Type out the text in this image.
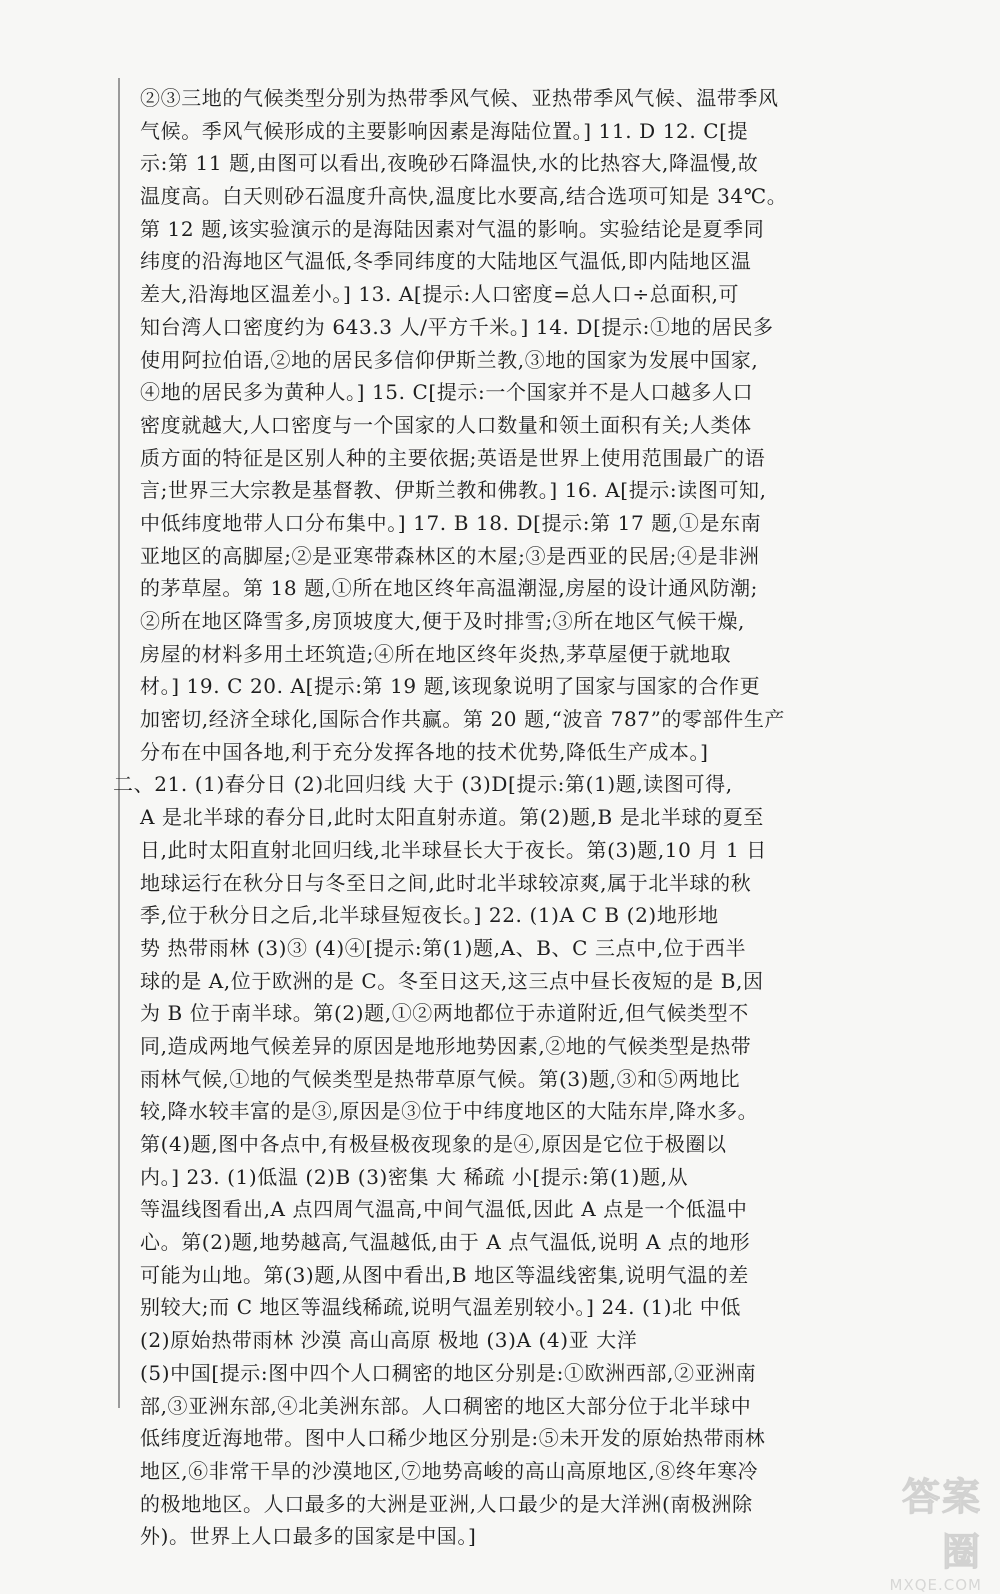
②③三地的气候类型分别为热带季风气候、亚热带季风气候、温带季风
气候。季风气候形成的主要影响因素是海陆位置。] 11. D 12. C[提
示:第 11 题,由图可以看出,夜晚砂石降温快,水的比热容大,降温慢,故
温度高。白天则砂石温度升高快,温度比水要高,结合选项可知是 34℃。
第 12 题,该实验演示的是海陆因素对气温的影响。实验结论是夏季同
纬度的沿海地区气温低,冬季同纬度的大陆地区气温低,即内陆地区温
差大,沿海地区温差小。] 13. A[提示:人口密度=总人口÷总面积,可
知台湾人口密度约为 643.3 人/平方千米。] 14. D[提示:①地的居民多
使用阿拉伯语,②地的居民多信仰伊斯兰教,③地的国家为发展中国家,
④地的居民多为黄种人。] 15. C[提示:一个国家并不是人口越多人口
密度就越大,人口密度与一个国家的人口数量和领土面积有关;人类体
质方面的特征是区别人种的主要依据;英语是世界上使用范围最广的语
言;世界三大宗教是基督教、伊斯兰教和佛教。] 16. A[提示:读图可知,
中低纬度地带人口分布集中。] 17. B 18. D[提示:第 17 题,①是东南
亚地区的高脚屋;②是亚寒带森林区的木屋;③是西亚的民居;④是非洲
的茅草屋。第 18 题,①所在地区终年高温潮湿,房屋的设计通风防潮;
②所在地区降雪多,房顶坡度大,便于及时排雪;③所在地区气候干燥,
房屋的材料多用土坯筑造;④所在地区终年炎热,茅草屋便于就地取
材。] 19. C 20. A[提示:第 19 题,该现象说明了国家与国家的合作更
加密切,经济全球化,国际合作共赢。第 20 题,“波音 787”的零部件生产
分布在中国各地,利于充分发挥各地的技术优势,降低生产成本。]
二、21. (1)春分日 (2)北回归线 大于 (3)D[提示:第(1)题,读图可得,
A 是北半球的春分日,此时太阳直射赤道。第(2)题,B 是北半球的夏至
日,此时太阳直射北回归线,北半球昼长大于夜长。第(3)题,10 月 1 日
地球运行在秋分日与冬至日之间,此时北半球较凉爽,属于北半球的秋
季,位于秋分日之后,北半球昼短夜长。] 22. (1)A C B (2)地形地
势 热带雨林 (3)③ (4)④[提示:第(1)题,A、B、C 三点中,位于西半
球的是 A,位于欧洲的是 C。冬至日这天,这三点中昼长夜短的是 B,因
为 B 位于南半球。第(2)题,①②两地都位于赤道附近,但气候类型不
同,造成两地气候差异的原因是地形地势因素,②地的气候类型是热带
雨林气候,①地的气候类型是热带草原气候。第(3)题,③和⑤两地比
较,降水较丰富的是③,原因是③位于中纬度地区的大陆东岸,降水多。
第(4)题,图中各点中,有极昼极夜现象的是④,原因是它位于极圈以
内。] 23. (1)低温 (2)B (3)密集 大 稀疏 小[提示:第(1)题,从
等温线图看出,A 点四周气温高,中间气温低,因此 A 点是一个低温中
心。第(2)题,地势越高,气温越低,由于 A 点气温低,说明 A 点的地形
可能为山地。第(3)题,从图中看出,B 地区等温线密集,说明气温的差
别较大;而 C 地区等温线稀疏,说明气温差别较小。] 24. (1)北 中低
(2)原始热带雨林 沙漠 高山高原 极地 (3)A (4)亚 大洋
(5)中国[提示:图中四个人口稠密的地区分别是:①欧洲西部,②亚洲南
部,③亚洲东部,④北美洲东部。人口稠密的地区大部分位于北半球中
低纬度近海地带。图中人口稀少地区分别是:⑤未开发的原始热带雨林
地区,⑥非常干旱的沙漠地区,⑦地势高峻的高山高原地区,⑧终年寒冷
的极地地区。人口最多的大洲是亚洲,人口最少的是大洋洲(南极洲除
外)。世界上人口最多的国家是中国。]
答案圈
MXQE.COM
